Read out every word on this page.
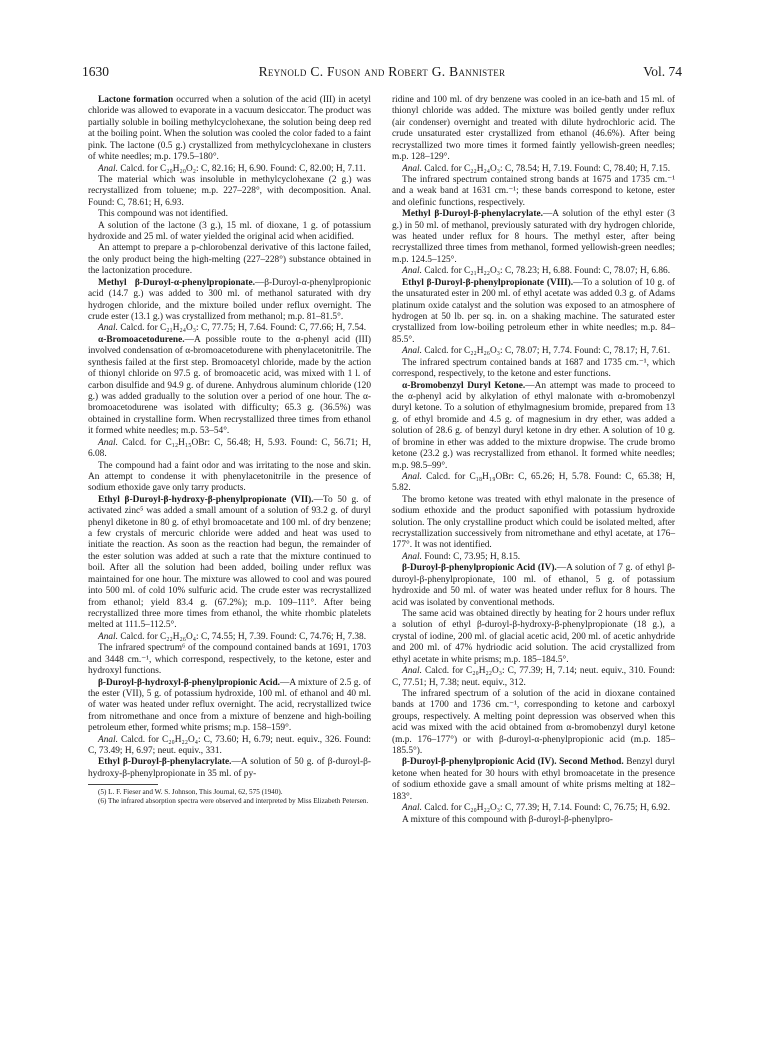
1630	Reynold C. Fuson and Robert G. Bannister	Vol. 74

Lactone formation occurred when a solution of the acid (III) in acetyl chloride was allowed to evaporate in a vacuum desiccator. The product was partially soluble in boiling methylcyclohexane, the solution being deep red at the boiling point. When the solution was cooled the color faded to a faint pink. The lactone (0.5 g.) crystallized from methylcyclohexane in clusters of white needles; m.p. 179.5–180°.

Anal. Calcd. for C₂₀H₂₀O₂: C, 82.16; H, 6.90. Found: C, 82.00; H, 7.11.

The material which was insoluble in methylcyclohexane (2 g.) was recrystallized from toluene; m.p. 227–228°, with decomposition. Anal. Found: C, 78.61; H, 6.93.

This compound was not identified.

A solution of the lactone (3 g.), 15 ml. of dioxane, 1 g. of potassium hydroxide and 25 ml. of water yielded the original acid when acidified.

An attempt to prepare a p-chlorobenzal derivative of this lactone failed, the only product being the high-melting (227–228°) substance obtained in the lactonization procedure.

Methyl β-Duroyl-α-phenylpropionate.—β-Duroyl-α-phenylpropionic acid (14.7 g.) was added to 300 ml. of methanol saturated with dry hydrogen chloride, and the mixture boiled under reflux overnight. The crude ester (13.1 g.) was crystallized from methanol; m.p. 81–81.5°.

Anal. Calcd. for C₂₁H₂₄O₃: C, 77.75; H, 7.64. Found: C, 77.66; H, 7.54.

α-Bromoacetodurene.—A possible route to the α-phenyl acid (III) involved condensation of α-bromoacetodurene with phenylacetonitrile. The synthesis failed at the first step. Bromoacetyl chloride, made by the action of thionyl chloride on 97.5 g. of bromoacetic acid, was mixed with 1 l. of carbon disulfide and 94.9 g. of durene. Anhydrous aluminum chloride (120 g.) was added gradually to the solution over a period of one hour. The α-bromoacetodurene was isolated with difficulty; 65.3 g. (36.5%) was obtained in crystalline form. When recrystallized three times from ethanol it formed white needles; m.p. 53–54°.

Anal. Calcd. for C₁₂H₁₅OBr: C, 56.48; H, 5.93. Found: C, 56.71; H, 6.08.

The compound had a faint odor and was irritating to the nose and skin. An attempt to condense it with phenylacetonitrile in the presence of sodium ethoxide gave only tarry products.

Ethyl β-Duroyl-β-hydroxy-β-phenylpropionate (VII).—To 50 g. of activated zinc⁵ was added a small amount of a solution of 93.2 g. of duryl phenyl diketone in 80 g. of ethyl bromoacetate and 100 ml. of dry benzene; a few crystals of mercuric chloride were added and heat was used to initiate the reaction. As soon as the reaction had begun, the remainder of the ester solution was added at such a rate that the mixture continued to boil. After all the solution had been added, boiling under reflux was maintained for one hour. The mixture was allowed to cool and was poured into 500 ml. of cold 10% sulfuric acid. The crude ester was recrystallized from ethanol; yield 83.4 g. (67.2%); m.p. 109–111°. After being recrystallized three more times from ethanol, the white rhombic platelets melted at 111.5–112.5°.

Anal. Calcd. for C₂₂H₂₆O₄: C, 74.55; H, 7.39. Found: C, 74.76; H, 7.38.

The infrared spectrum⁶ of the compound contained bands at 1691, 1703 and 3448 cm.⁻¹, which correspond, respectively, to the ketone, ester and hydroxyl functions.

β-Duroyl-β-hydroxyl-β-phenylpropionic Acid.—A mixture of 2.5 g. of the ester (VII), 5 g. of potassium hydroxide, 100 ml. of ethanol and 40 ml. of water was heated under reflux overnight. The acid, recrystallized twice from nitromethane and once from a mixture of benzene and high-boiling petroleum ether, formed white prisms; m.p. 158–159°.

Anal. Calcd. for C₂₀H₂₂O₄: C, 73.60; H, 6.79; neut. equiv., 326. Found: C, 73.49; H, 6.97; neut. equiv., 331.

Ethyl β-Duroyl-β-phenylacrylate.—A solution of 50 g. of β-duroyl-β-hydroxy-β-phenylpropionate in 35 ml. of py-

(5) L. F. Fieser and W. S. Johnson, This Journal, 62, 575 (1940).

(6) The infrared absorption spectra were observed and interpreted by Miss Elizabeth Petersen.

ridine and 100 ml. of dry benzene was cooled in an ice-bath and 15 ml. of thionyl chloride was added. The mixture was boiled gently under reflux (air condenser) overnight and treated with dilute hydrochloric acid. The crude unsaturated ester crystallized from ethanol (46.6%). After being recrystallized two more times it formed faintly yellowish-green needles; m.p. 128–129°.

Anal. Calcd. for C₂₂H₂₄O₃: C, 78.54; H, 7.19. Found: C, 78.40; H, 7.15.

The infrared spectrum contained strong bands at 1675 and 1735 cm.⁻¹ and a weak band at 1631 cm.⁻¹; these bands correspond to ketone, ester and olefinic functions, respectively.

Methyl β-Duroyl-β-phenylacrylate.—A solution of the ethyl ester (3 g.) in 50 ml. of methanol, previously saturated with dry hydrogen chloride, was heated under reflux for 8 hours. The methyl ester, after being recrystallized three times from methanol, formed yellowish-green needles; m.p. 124.5–125°.

Anal. Calcd. for C₂₁H₂₂O₃: C, 78.23; H, 6.88. Found: C, 78.07; H, 6.86.

Ethyl β-Duroyl-β-phenylpropionate (VIII).—To a solution of 10 g. of the unsaturated ester in 200 ml. of ethyl acetate was added 0.3 g. of Adams platinum oxide catalyst and the solution was exposed to an atmosphere of hydrogen at 50 lb. per sq. in. on a shaking machine. The saturated ester crystallized from low-boiling petroleum ether in white needles; m.p. 84–85.5°.

Anal. Calcd. for C₂₂H₂₆O₃: C, 78.07; H, 7.74. Found: C, 78.17; H, 7.61.

The infrared spectrum contained bands at 1687 and 1735 cm.⁻¹, which correspond, respectively, to the ketone and ester functions.

α-Bromobenzyl Duryl Ketone.—An attempt was made to proceed to the α-phenyl acid by alkylation of ethyl malonate with α-bromobenzyl duryl ketone. To a solution of ethylmagnesium bromide, prepared from 13 g. of ethyl bromide and 4.5 g. of magnesium in dry ether, was added a solution of 28.6 g. of benzyl duryl ketone in dry ether. A solution of 10 g. of bromine in ether was added to the mixture dropwise. The crude bromo ketone (23.2 g.) was recrystallized from ethanol. It formed white needles; m.p. 98.5–99°.

Anal. Calcd. for C₁₈H₁₉OBr: C, 65.26; H, 5.78. Found: C, 65.38; H, 5.82.

The bromo ketone was treated with ethyl malonate in the presence of sodium ethoxide and the product saponified with potassium hydroxide solution. The only crystalline product which could be isolated melted, after recrystallization successively from nitromethane and ethyl acetate, at 176–177°. It was not identified.

Anal. Found: C, 73.95; H, 8.15.

β-Duroyl-β-phenylpropionic Acid (IV).—A solution of 7 g. of ethyl β-duroyl-β-phenylpropionate, 100 ml. of ethanol, 5 g. of potassium hydroxide and 50 ml. of water was heated under reflux for 8 hours. The acid was isolated by conventional methods.

The same acid was obtained directly by heating for 2 hours under reflux a solution of ethyl β-duroyl-β-hydroxy-β-phenylpropionate (18 g.), a crystal of iodine, 200 ml. of glacial acetic acid, 200 ml. of acetic anhydride and 200 ml. of 47% hydriodic acid solution. The acid crystallized from ethyl acetate in white prisms; m.p. 185–184.5°.

Anal. Calcd. for C₂₀H₂₂O₃: C, 77.39; H, 7.14; neut. equiv., 310. Found: C, 77.51; H, 7.38; neut. equiv., 312.

The infrared spectrum of a solution of the acid in dioxane contained bands at 1700 and 1736 cm.⁻¹, corresponding to ketone and carboxyl groups, respectively. A melting point depression was observed when this acid was mixed with the acid obtained from α-bromobenzyl duryl ketone (m.p. 176–177°) or with β-duroyl-α-phenylpropionic acid (m.p. 185–185.5°).

β-Duroyl-β-phenylpropionic Acid (IV). Second Method. Benzyl duryl ketone when heated for 30 hours with ethyl bromoacetate in the presence of sodium ethoxide gave a small amount of white prisms melting at 182–183°.

Anal. Calcd. for C₂₀H₂₂O₃: C, 77.39; H, 7.14. Found: C, 76.75; H, 6.92.

A mixture of this compound with β-duroyl-β-phenylpro-
